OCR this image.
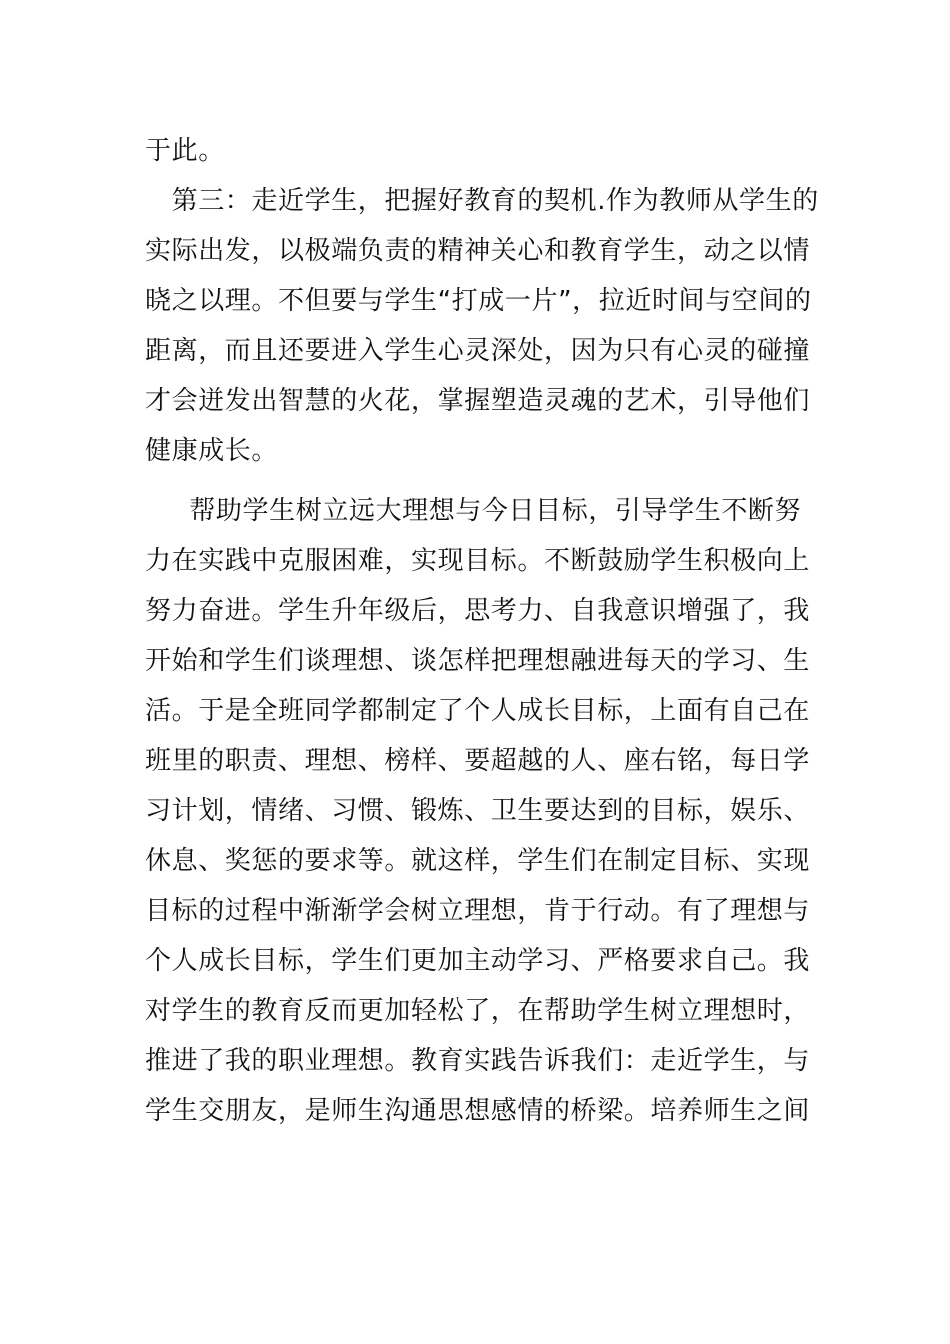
于此。
第三：走近学生，把握好教育的契机.作为教师从学生的
实际出发，以极端负责的精神关心和教育学生，动之以情
晓之以理。不但要与学生“打成一片”，拉近时间与空间的
距离，而且还要进入学生心灵深处，因为只有心灵的碰撞
才会迸发出智慧的火花，掌握塑造灵魂的艺术，引导他们
健康成长。
帮助学生树立远大理想与今日目标，引导学生不断努
力在实践中克服困难，实现目标。不断鼓励学生积极向上
努力奋进。学生升年级后，思考力、自我意识增强了，我
开始和学生们谈理想、谈怎样把理想融进每天的学习、生
活。于是全班同学都制定了个人成长目标，上面有自己在
班里的职责、理想、榜样、要超越的人、座右铭，每日学
习计划，情绪、习惯、锻炼、卫生要达到的目标，娱乐、
休息、奖惩的要求等。就这样，学生们在制定目标、实现
目标的过程中渐渐学会树立理想，肯于行动。有了理想与
个人成长目标，学生们更加主动学习、严格要求自己。我
对学生的教育反而更加轻松了，在帮助学生树立理想时，
推进了我的职业理想。教育实践告诉我们：走近学生，与
学生交朋友，是师生沟通思想感情的桥梁。培养师生之间
